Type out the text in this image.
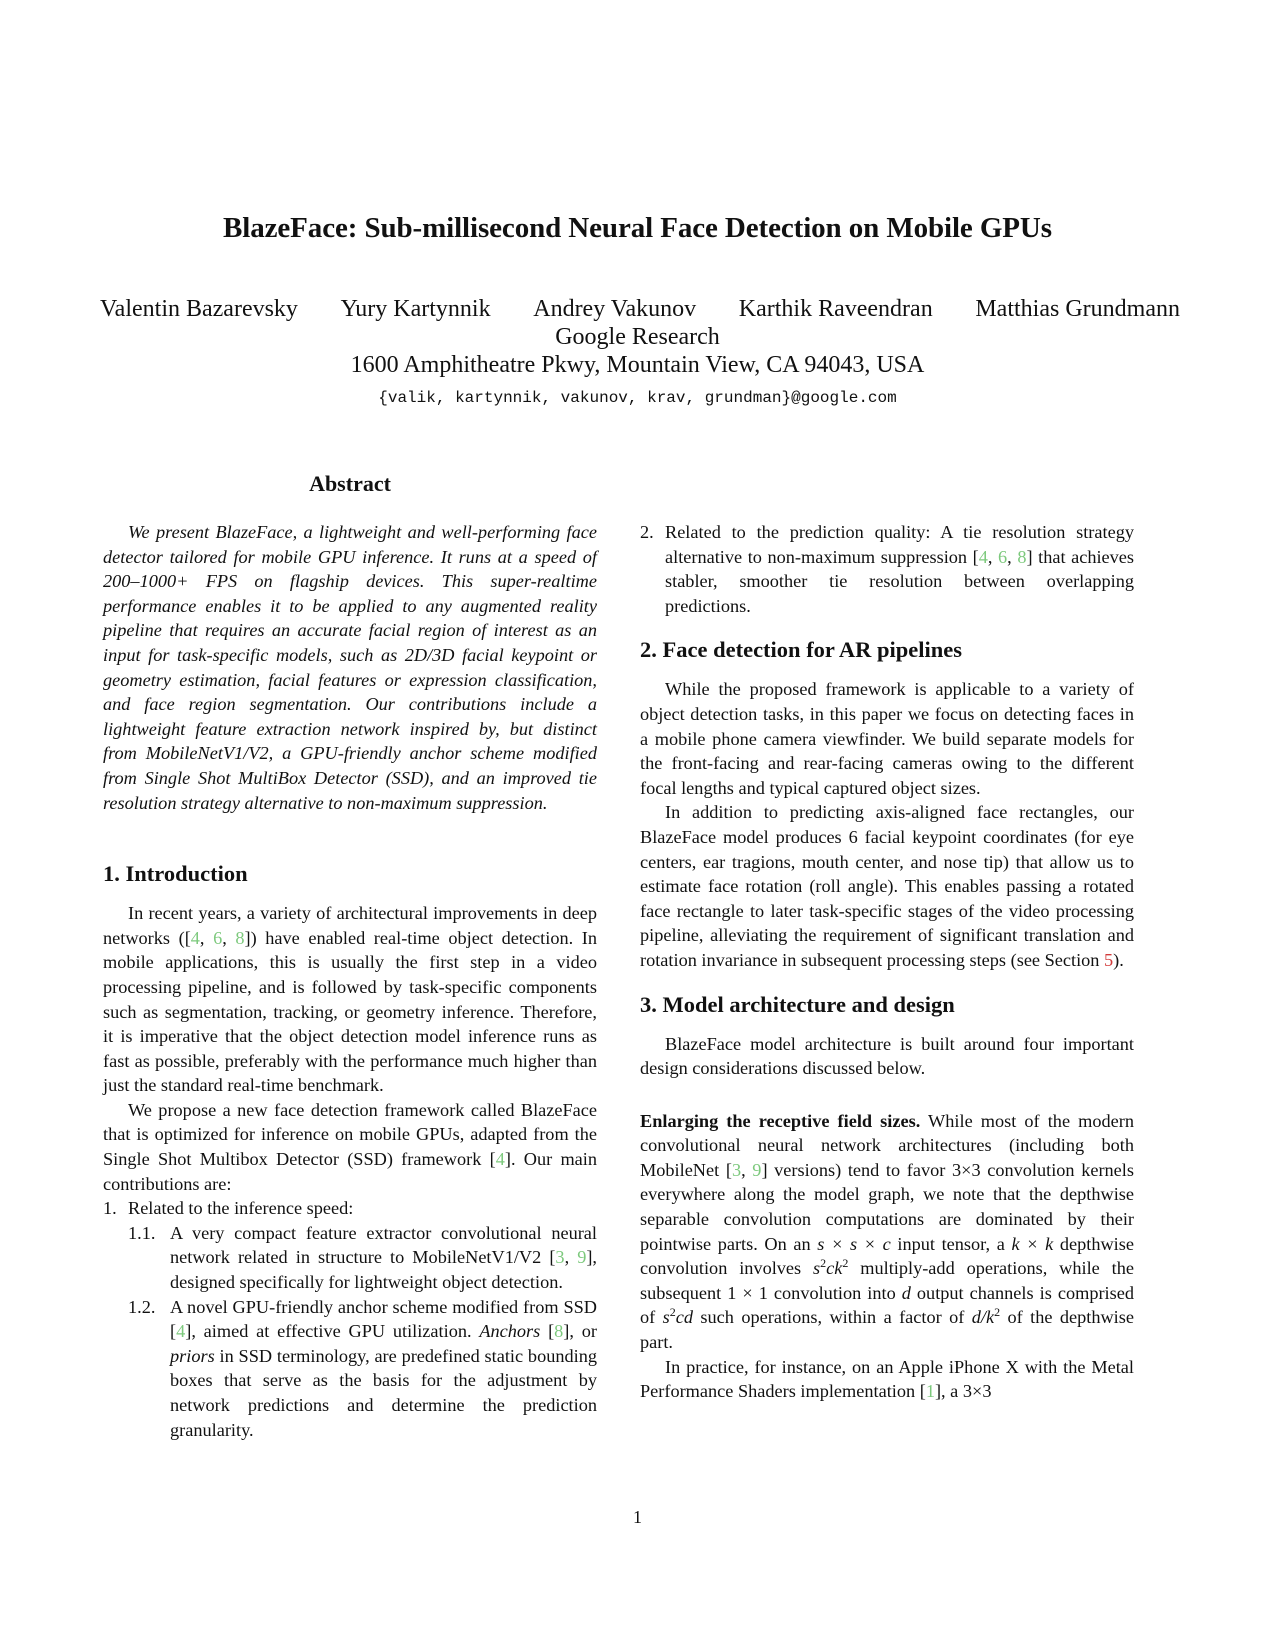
BlazeFace: Sub-millisecond Neural Face Detection on Mobile GPUs
Valentin Bazarevsky Yury Kartynnik Andrey Vakunov Karthik Raveendran Matthias Grundmann
Google Research
1600 Amphitheatre Pkwy, Mountain View, CA 94043, USA
{valik, kartynnik, vakunov, krav, grundman}@google.com
Abstract

We present BlazeFace, a lightweight and well-performing face detector tailored for mobile GPU inference. It runs at a speed of 200–1000+ FPS on flagship devices. This super-realtime performance enables it to be applied to any augmented reality pipeline that requires an accurate facial region of interest as an input for task-specific models, such as 2D/3D facial keypoint or geometry estimation, facial features or expression classification, and face region segmentation. Our contributions include a lightweight feature extraction network inspired by, but distinct from MobileNetV1/V2, a GPU-friendly anchor scheme modified from Single Shot MultiBox Detector (SSD), and an improved tie resolution strategy alternative to non-maximum suppression.

1. Introduction

In recent years, a variety of architectural improvements in deep networks ([4, 6, 8]) have enabled real-time object detection. In mobile applications, this is usually the first step in a video processing pipeline, and is followed by task-specific components such as segmentation, tracking, or geometry inference. Therefore, it is imperative that the object detection model inference runs as fast as possible, preferably with the performance much higher than just the standard real-time benchmark.

We propose a new face detection framework called BlazeFace that is optimized for inference on mobile GPUs, adapted from the Single Shot Multibox Detector (SSD) framework [4]. Our main contributions are:

1. Related to the inference speed:
1.1. A very compact feature extractor convolutional neural network related in structure to MobileNetV1/V2 [3, 9], designed specifically for lightweight object detection.
1.2. A novel GPU-friendly anchor scheme modified from SSD [4], aimed at effective GPU utilization. Anchors [8], or priors in SSD terminology, are predefined static bounding boxes that serve as the basis for the adjustment by network predictions and determine the prediction granularity.
2. Related to the prediction quality: A tie resolution strategy alternative to non-maximum suppression [4, 6, 8] that achieves stabler, smoother tie resolution between overlapping predictions.
2. Face detection for AR pipelines

While the proposed framework is applicable to a variety of object detection tasks, in this paper we focus on detecting faces in a mobile phone camera viewfinder. We build separate models for the front-facing and rear-facing cameras owing to the different focal lengths and typical captured object sizes.

In addition to predicting axis-aligned face rectangles, our BlazeFace model produces 6 facial keypoint coordinates (for eye centers, ear tragions, mouth center, and nose tip) that allow us to estimate face rotation (roll angle). This enables passing a rotated face rectangle to later task-specific stages of the video processing pipeline, alleviating the requirement of significant translation and rotation invariance in subsequent processing steps (see Section 5).

3. Model architecture and design

BlazeFace model architecture is built around four important design considerations discussed below.

Enlarging the receptive field sizes. While most of the modern convolutional neural network architectures (including both MobileNet [3, 9] versions) tend to favor 3×3 convolution kernels everywhere along the model graph, we note that the depthwise separable convolution computations are dominated by their pointwise parts. On an s × s × c input tensor, a k × k depthwise convolution involves $s^2ck^2$ multiply-add operations, while the subsequent 1 × 1 convolution into d output channels is comprised of $s^2cd$ such operations, within a factor of $d/k^2$ of the depthwise part.

In practice, for instance, on an Apple iPhone X with the Metal Performance Shaders implementation [1], a 3×3

1
